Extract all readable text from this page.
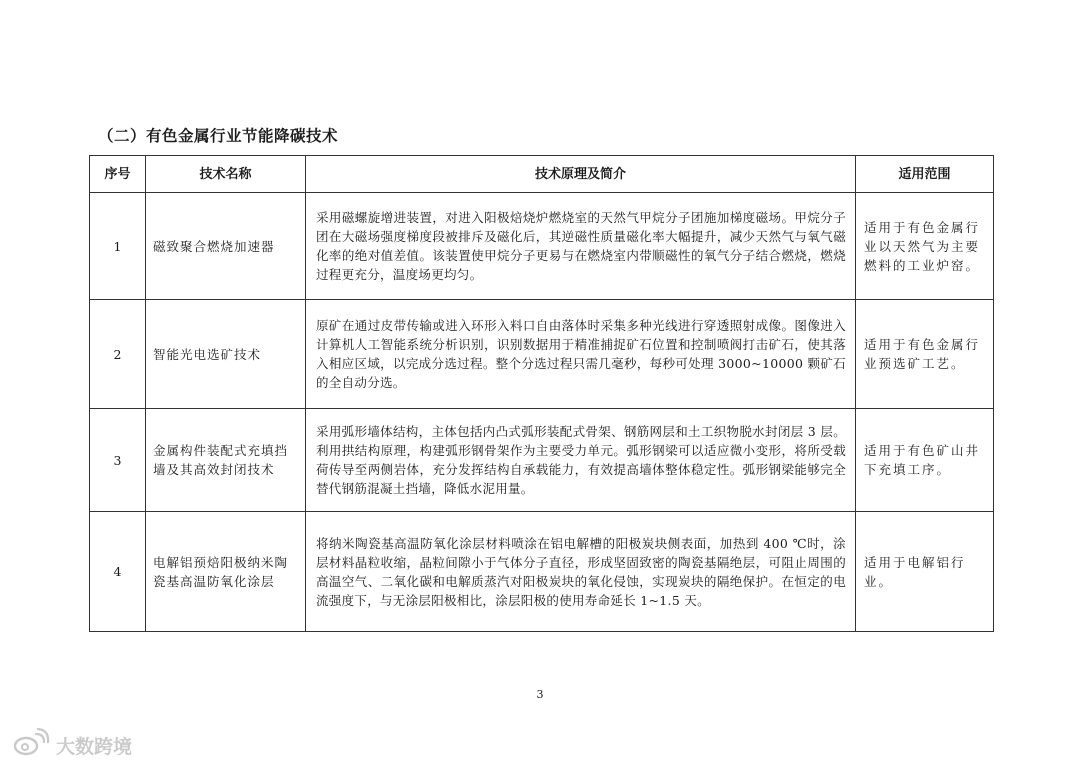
（二）有色金属行业节能降碳技术
序号	技术名称	技术原理及简介	适用范围
1	磁致聚合燃烧加速器	采用磁螺旋增进装置，对进入阳极焙烧炉燃烧室的天然气甲烷分子团施加梯度磁场。甲烷分子团在大磁场强度梯度段被排斥及磁化后，其逆磁性质量磁化率大幅提升，减少天然气与氧气磁化率的绝对值差值。该装置使甲烷分子更易与在燃烧室内带顺磁性的氧气分子结合燃烧，燃烧过程更充分，温度场更均匀。	适用于有色金属行业以天然气为主要燃料的工业炉窑。
2	智能光电选矿技术	原矿在通过皮带传输或进入环形入料口自由落体时采集多种光线进行穿透照射成像。图像进入计算机人工智能系统分析识别，识别数据用于精准捕捉矿石位置和控制喷阀打击矿石，使其落入相应区域，以完成分选过程。整个分选过程只需几毫秒，每秒可处理 3000~10000 颗矿石的全自动分选。	适用于有色金属行业预选矿工艺。
3	金属构件装配式充填挡墙及其高效封闭技术	采用弧形墙体结构，主体包括内凸式弧形装配式骨架、钢筋网层和土工织物脱水封闭层 3 层。利用拱结构原理，构建弧形钢骨架作为主要受力单元。弧形钢梁可以适应微小变形，将所受载荷传导至两侧岩体，充分发挥结构自承载能力，有效提高墙体整体稳定性。弧形钢梁能够完全替代钢筋混凝土挡墙，降低水泥用量。	适用于有色矿山井下充填工序。
4	电解铝预焙阳极纳米陶瓷基高温防氧化涂层	将纳米陶瓷基高温防氧化涂层材料喷涂在铝电解槽的阳极炭块侧表面，加热到 400 ℃时，涂层材料晶粒收缩，晶粒间隙小于气体分子直径，形成坚固致密的陶瓷基隔绝层，可阻止周围的高温空气、二氧化碳和电解质蒸汽对阳极炭块的氧化侵蚀，实现炭块的隔绝保护。在恒定的电流强度下，与无涂层阳极相比，涂层阳极的使用寿命延长 1~1.5 天。	适用于电解铝行业。
3
大数跨境
